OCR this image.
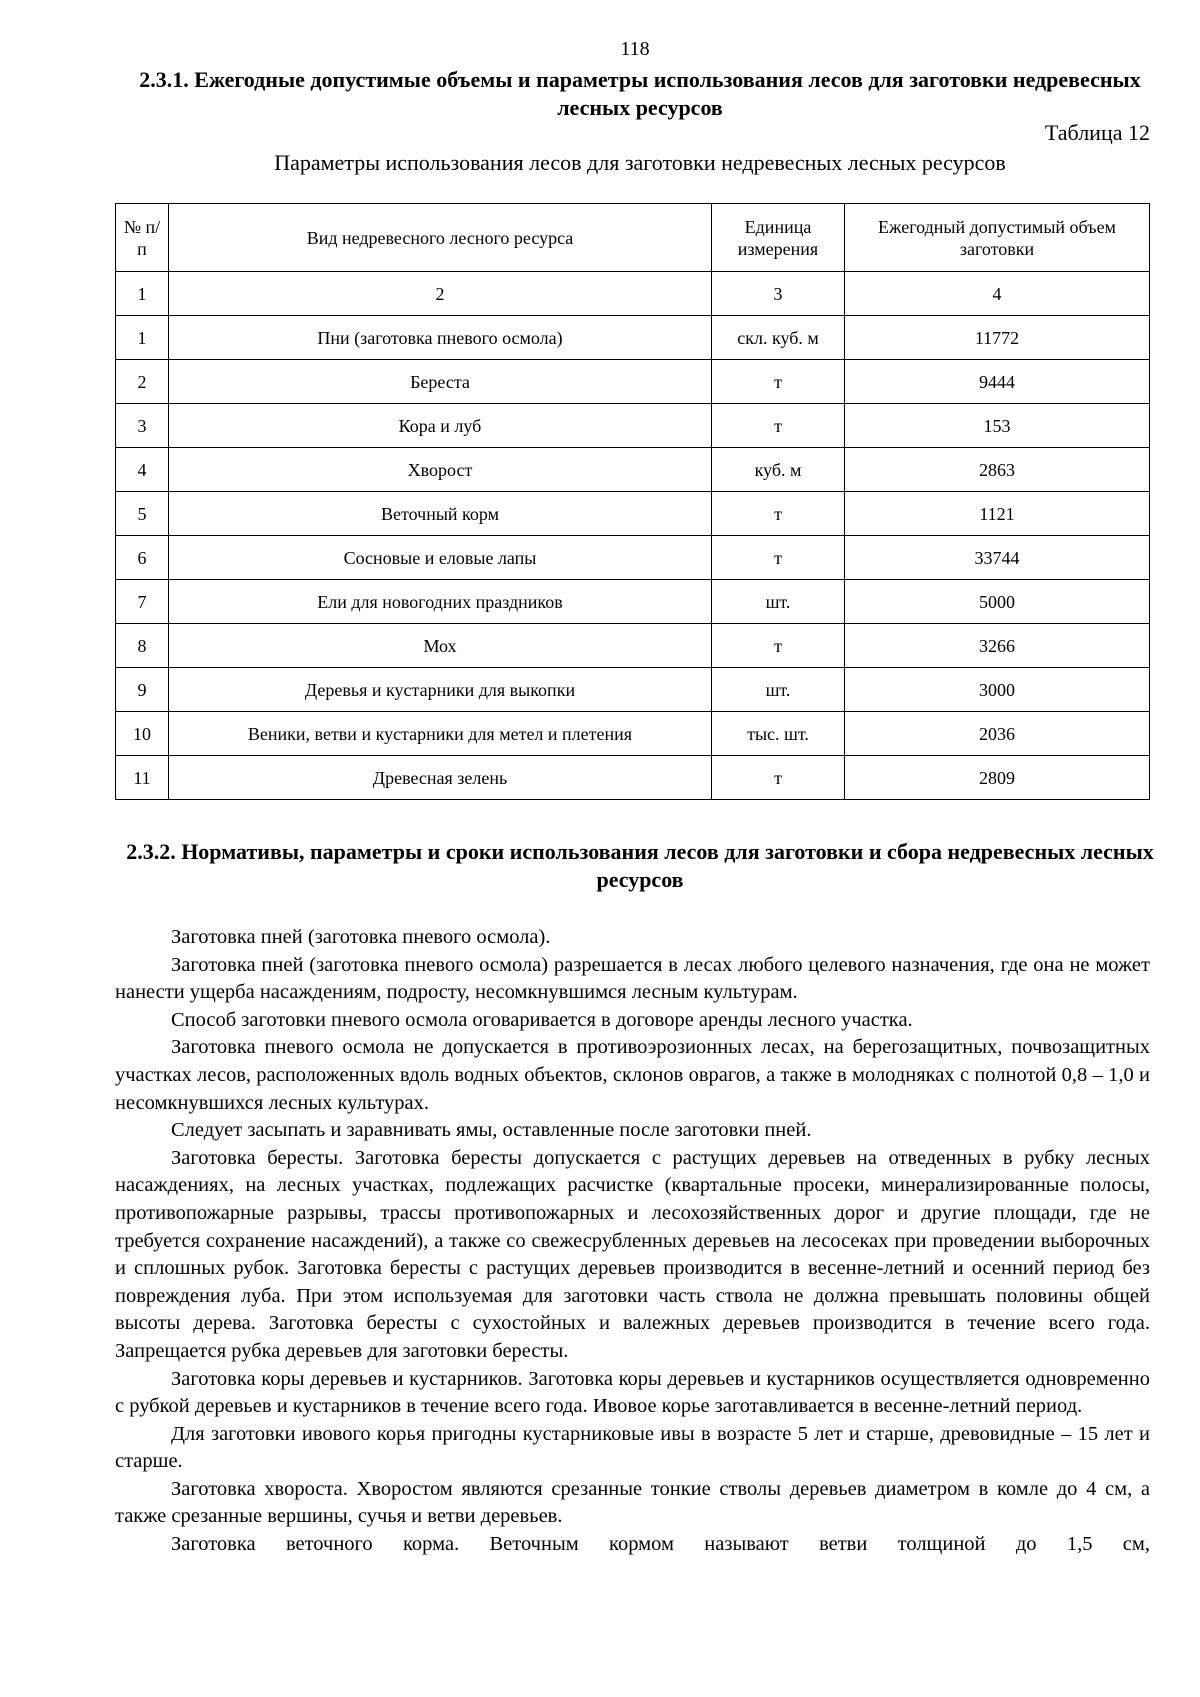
118
2.3.1. Ежегодные допустимые объемы и параметры использования лесов для заготовки недревесных лесных ресурсов
Таблица 12
Параметры использования лесов для заготовки недревесных лесных ресурсов
№ п/п	Вид недревесного лесного ресурса	Единица измерения	Ежегодный допустимый объем заготовки
1	2	3	4
1	Пни (заготовка пневого осмола)	скл. куб. м	11772
2	Береста	т	9444
3	Кора и луб	т	153
4	Хворост	куб. м	2863
5	Веточный корм	т	1121
6	Сосновые и еловые лапы	т	33744
7	Ели для новогодних праздников	шт.	5000
8	Мох	т	3266
9	Деревья и кустарники для выкопки	шт.	3000
10	Веники, ветви и кустарники для метел и плетения	тыс. шт.	2036
11	Древесная зелень	т	2809
2.3.2. Нормативы, параметры и сроки использования лесов для заготовки и сбора недревесных лесных ресурсов

Заготовка пней (заготовка пневого осмола).

Заготовка пней (заготовка пневого осмола) разрешается в лесах любого целевого назначения, где она не может нанести ущерба насаждениям, подросту, несомкнувшимся лесным культурам.

Способ заготовки пневого осмола оговаривается в договоре аренды лесного участка.

Заготовка пневого осмола не допускается в противоэрозионных лесах, на берегозащитных, почвозащитных участках лесов, расположенных вдоль водных объектов, склонов оврагов, а также в молодняках с полнотой 0,8 – 1,0 и несомкнувшихся лесных культурах.

Следует засыпать и заравнивать ямы, оставленные после заготовки пней.

Заготовка бересты. Заготовка бересты допускается с растущих деревьев на отведенных в рубку лесных насаждениях, на лесных участках, подлежащих расчистке (квартальные просеки, минерализированные полосы, противопожарные разрывы, трассы противопожарных и лесохозяйственных дорог и другие площади, где не требуется сохранение насаждений), а также со свежесрубленных деревьев на лесосеках при проведении выборочных и сплошных рубок. Заготовка бересты с растущих деревьев производится в весенне-летний и осенний период без повреждения луба. При этом используемая для заготовки часть ствола не должна превышать половины общей высоты дерева. Заготовка бересты с сухостойных и валежных деревьев производится в течение всего года. Запрещается рубка деревьев для заготовки бересты.

Заготовка коры деревьев и кустарников. Заготовка коры деревьев и кустарников осуществляется одновременно с рубкой деревьев и кустарников в течение всего года. Ивовое корье заготавливается в весенне-летний период.

Для заготовки ивового корья пригодны кустарниковые ивы в возрасте 5 лет и старше, древовидные – 15 лет и старше.

Заготовка хвороста. Хворостом являются срезанные тонкие стволы деревьев диаметром в комле до 4 см, а также срезанные вершины, сучья и ветви деревьев.

Заготовка веточного корма. Веточным кормом называют ветви толщиной до 1,5 см,
